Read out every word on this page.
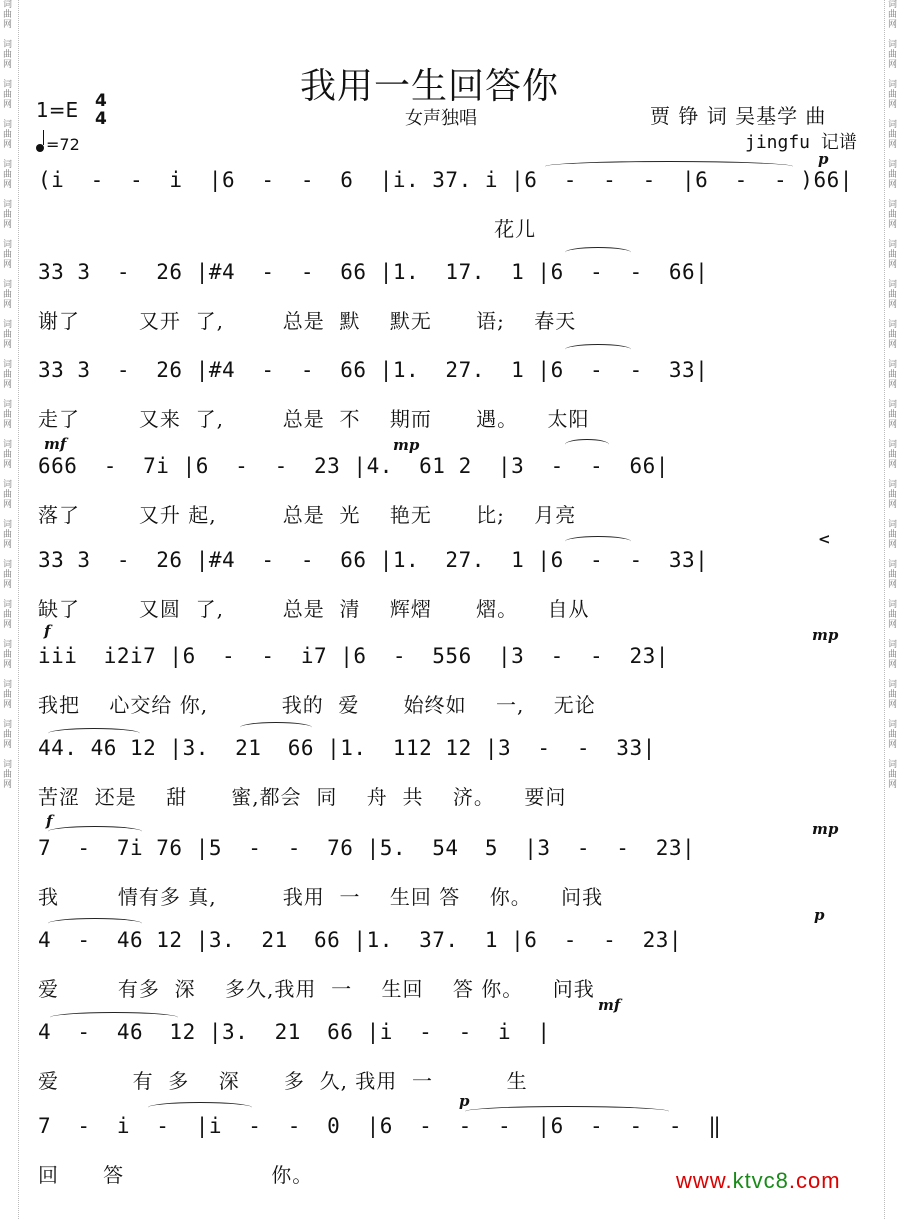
词
曲
网

词
曲
网

词
曲
网

词
曲
网

词
曲
网

词
曲
网

词
曲
网

词
曲
网

词
曲
网

词
曲
网

词
曲
网

词
曲
网

词
曲
网

词
曲
网

词
曲
网

词
曲
网

词
曲
网

词
曲
网

词
曲
网

词
曲
网
词
曲
网

词
曲
网

词
曲
网

词
曲
网

词
曲
网

词
曲
网

词
曲
网

词
曲
网

词
曲
网

词
曲
网

词
曲
网

词
曲
网

词
曲
网

词
曲
网

词
曲
网

词
曲
网

词
曲
网

词
曲
网

词
曲
网

词
曲
网
我用一生回答你
女声独唱	贾 铮 词 吴基学 曲
jingfu 记谱
1=E 4
4
=72
(i  -  -  i  |6  -  -  6  |i. 37. i |6  -  -  -  |6  -  - )66|
花儿
33 3  -  26 |#4  -  -  66 |1.  17.  1 |6  -  -  66|
谢了        又开  了,        总是  默    默无      语;    春天
33 3  -  26 |#4  -  -  66 |1.  27.  1 |6  -  -  33|
走了        又来  了,        总是  不    期而      遇。    太阳
666  -  7i |6  -  -  23 |4.  61 2  |3  -  -  66|
落了        又升 起,         总是  光    艳无      比;    月亮
33 3  -  26 |#4  -  -  66 |1.  27.  1 |6  -  -  33|
缺了        又圆  了,        总是  清    辉熠      熠。    自从
iii  i2i7 |6  -  -  i7 |6  -  556  |3  -  -  23|
我把    心交给 你,          我的  爱      始终如    一,    无论
44. 46 12 |3.  21  66 |1.  112 12 |3  -  -  33|
苦涩  还是    甜      蜜,都会  同    舟  共    济。    要问
7  -  7i 76 |5  -  -  76 |5.  54  5  |3  -  -  23|
我        情有多 真,         我用  一    生回 答    你。    问我
4  -  46 12 |3.  21  66 |1.  37.  1 |6  -  -  23|
爱        有多  深    多久,我用  一    生回    答 你。    问我
4  -  46  12 |3.  21  66 |i  -  -  i  |
爱          有  多    深      多  久, 我用  一          生
7  -  i  -  |i  -  -  0  |6  -  -  -  |6  -  -  -  ‖
回      答                    你。
p
mf	mp
<
f	mp
f	mp
p
mf
p
www.ktvc8.com
